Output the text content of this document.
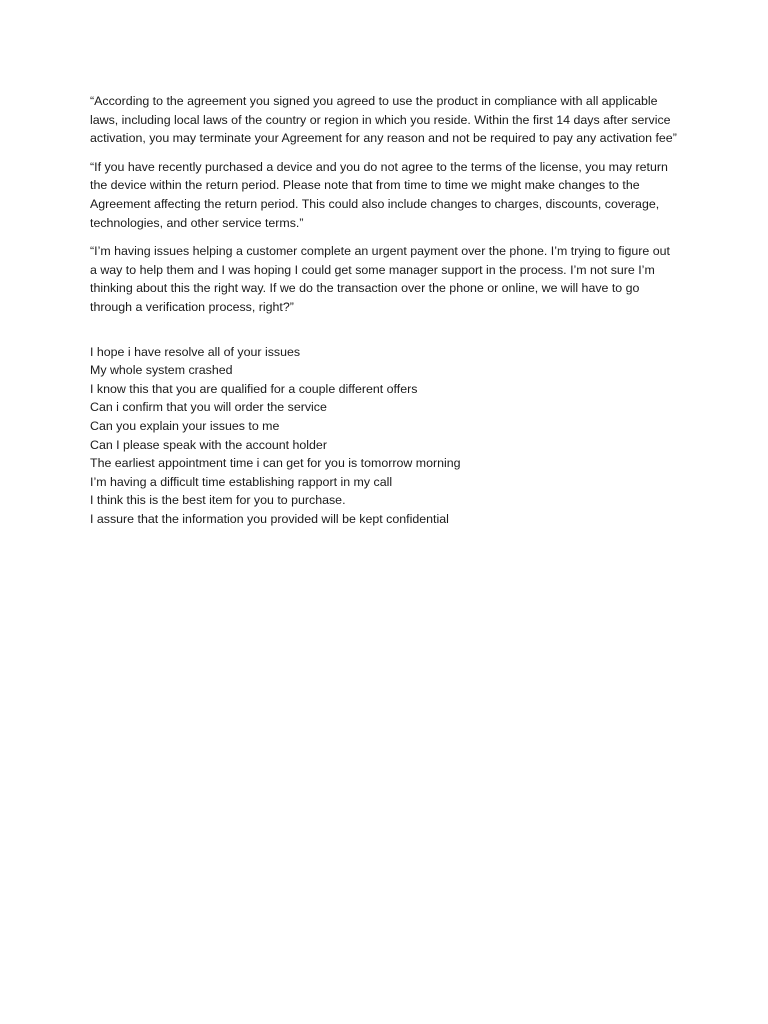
“According to the agreement you signed you agreed to use the product in compliance with all applicable laws, including local laws of the country or region in which you reside. Within the first 14 days after service activation, you may terminate your Agreement for any reason and not be required to pay any activation fee”

“If you have recently purchased a device and you do not agree to the terms of the license, you may return the device within the return period. Please note that from time to time we might make changes to the Agreement affecting the return period. This could also include changes to charges, discounts, coverage, technologies, and other service terms.”

“I’m having issues helping a customer complete an urgent payment over the phone. I’m trying to figure out a way to help them and I was hoping I could get some manager support in the process. I’m not sure I’m thinking about this the right way. If we do the transaction over the phone or online, we will have to go through a verification process, right?”

I hope i have resolve all of your issues
My whole system crashed
I know this that you are qualified for a couple different offers
Can i confirm that you will order the service
Can you explain your issues to me
Can I please speak with the account holder
The earliest appointment time i can get for you is tomorrow morning
I’m having a difficult time establishing rapport in my call
I think this is the best item for you to purchase.
I assure that the information you provided will be kept confidential
